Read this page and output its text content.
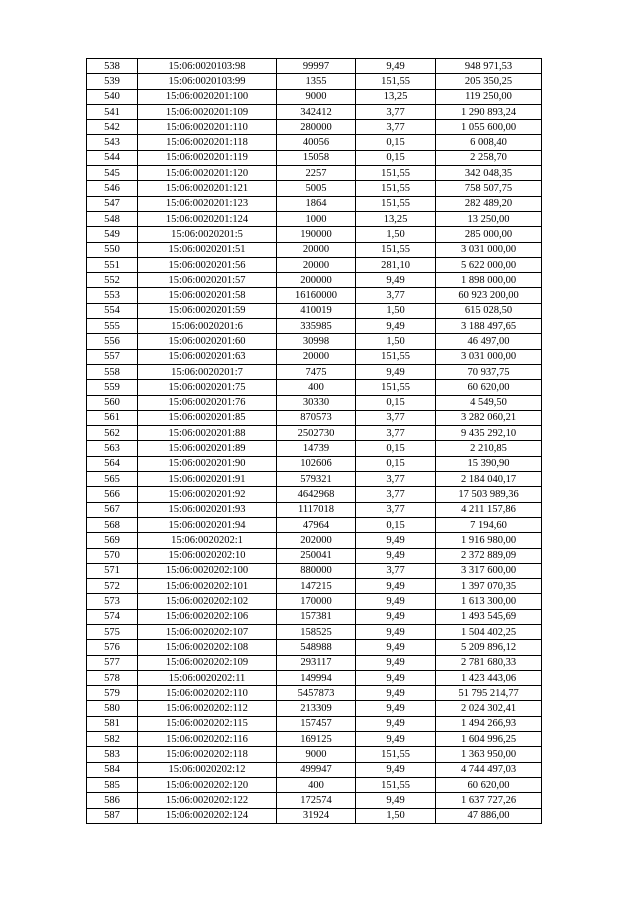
538	15:06:0020103:98	99997	9,49	948 971,53
539	15:06:0020103:99	1355	151,55	205 350,25
540	15:06:0020201:100	9000	13,25	119 250,00
541	15:06:0020201:109	342412	3,77	1 290 893,24
542	15:06:0020201:110	280000	3,77	1 055 600,00
543	15:06:0020201:118	40056	0,15	6 008,40
544	15:06:0020201:119	15058	0,15	2 258,70
545	15:06:0020201:120	2257	151,55	342 048,35
546	15:06:0020201:121	5005	151,55	758 507,75
547	15:06:0020201:123	1864	151,55	282 489,20
548	15:06:0020201:124	1000	13,25	13 250,00
549	15:06:0020201:5	190000	1,50	285 000,00
550	15:06:0020201:51	20000	151,55	3 031 000,00
551	15:06:0020201:56	20000	281,10	5 622 000,00
552	15:06:0020201:57	200000	9,49	1 898 000,00
553	15:06:0020201:58	16160000	3,77	60 923 200,00
554	15:06:0020201:59	410019	1,50	615 028,50
555	15:06:0020201:6	335985	9,49	3 188 497,65
556	15:06:0020201:60	30998	1,50	46 497,00
557	15:06:0020201:63	20000	151,55	3 031 000,00
558	15:06:0020201:7	7475	9,49	70 937,75
559	15:06:0020201:75	400	151,55	60 620,00
560	15:06:0020201:76	30330	0,15	4 549,50
561	15:06:0020201:85	870573	3,77	3 282 060,21
562	15:06:0020201:88	2502730	3,77	9 435 292,10
563	15:06:0020201:89	14739	0,15	2 210,85
564	15:06:0020201:90	102606	0,15	15 390,90
565	15:06:0020201:91	579321	3,77	2 184 040,17
566	15:06:0020201:92	4642968	3,77	17 503 989,36
567	15:06:0020201:93	1117018	3,77	4 211 157,86
568	15:06:0020201:94	47964	0,15	7 194,60
569	15:06:0020202:1	202000	9,49	1 916 980,00
570	15:06:0020202:10	250041	9,49	2 372 889,09
571	15:06:0020202:100	880000	3,77	3 317 600,00
572	15:06:0020202:101	147215	9,49	1 397 070,35
573	15:06:0020202:102	170000	9,49	1 613 300,00
574	15:06:0020202:106	157381	9,49	1 493 545,69
575	15:06:0020202:107	158525	9,49	1 504 402,25
576	15:06:0020202:108	548988	9,49	5 209 896,12
577	15:06:0020202:109	293117	9,49	2 781 680,33
578	15:06:0020202:11	149994	9,49	1 423 443,06
579	15:06:0020202:110	5457873	9,49	51 795 214,77
580	15:06:0020202:112	213309	9,49	2 024 302,41
581	15:06:0020202:115	157457	9,49	1 494 266,93
582	15:06:0020202:116	169125	9,49	1 604 996,25
583	15:06:0020202:118	9000	151,55	1 363 950,00
584	15:06:0020202:12	499947	9,49	4 744 497,03
585	15:06:0020202:120	400	151,55	60 620,00
586	15:06:0020202:122	172574	9,49	1 637 727,26
587	15:06:0020202:124	31924	1,50	47 886,00
